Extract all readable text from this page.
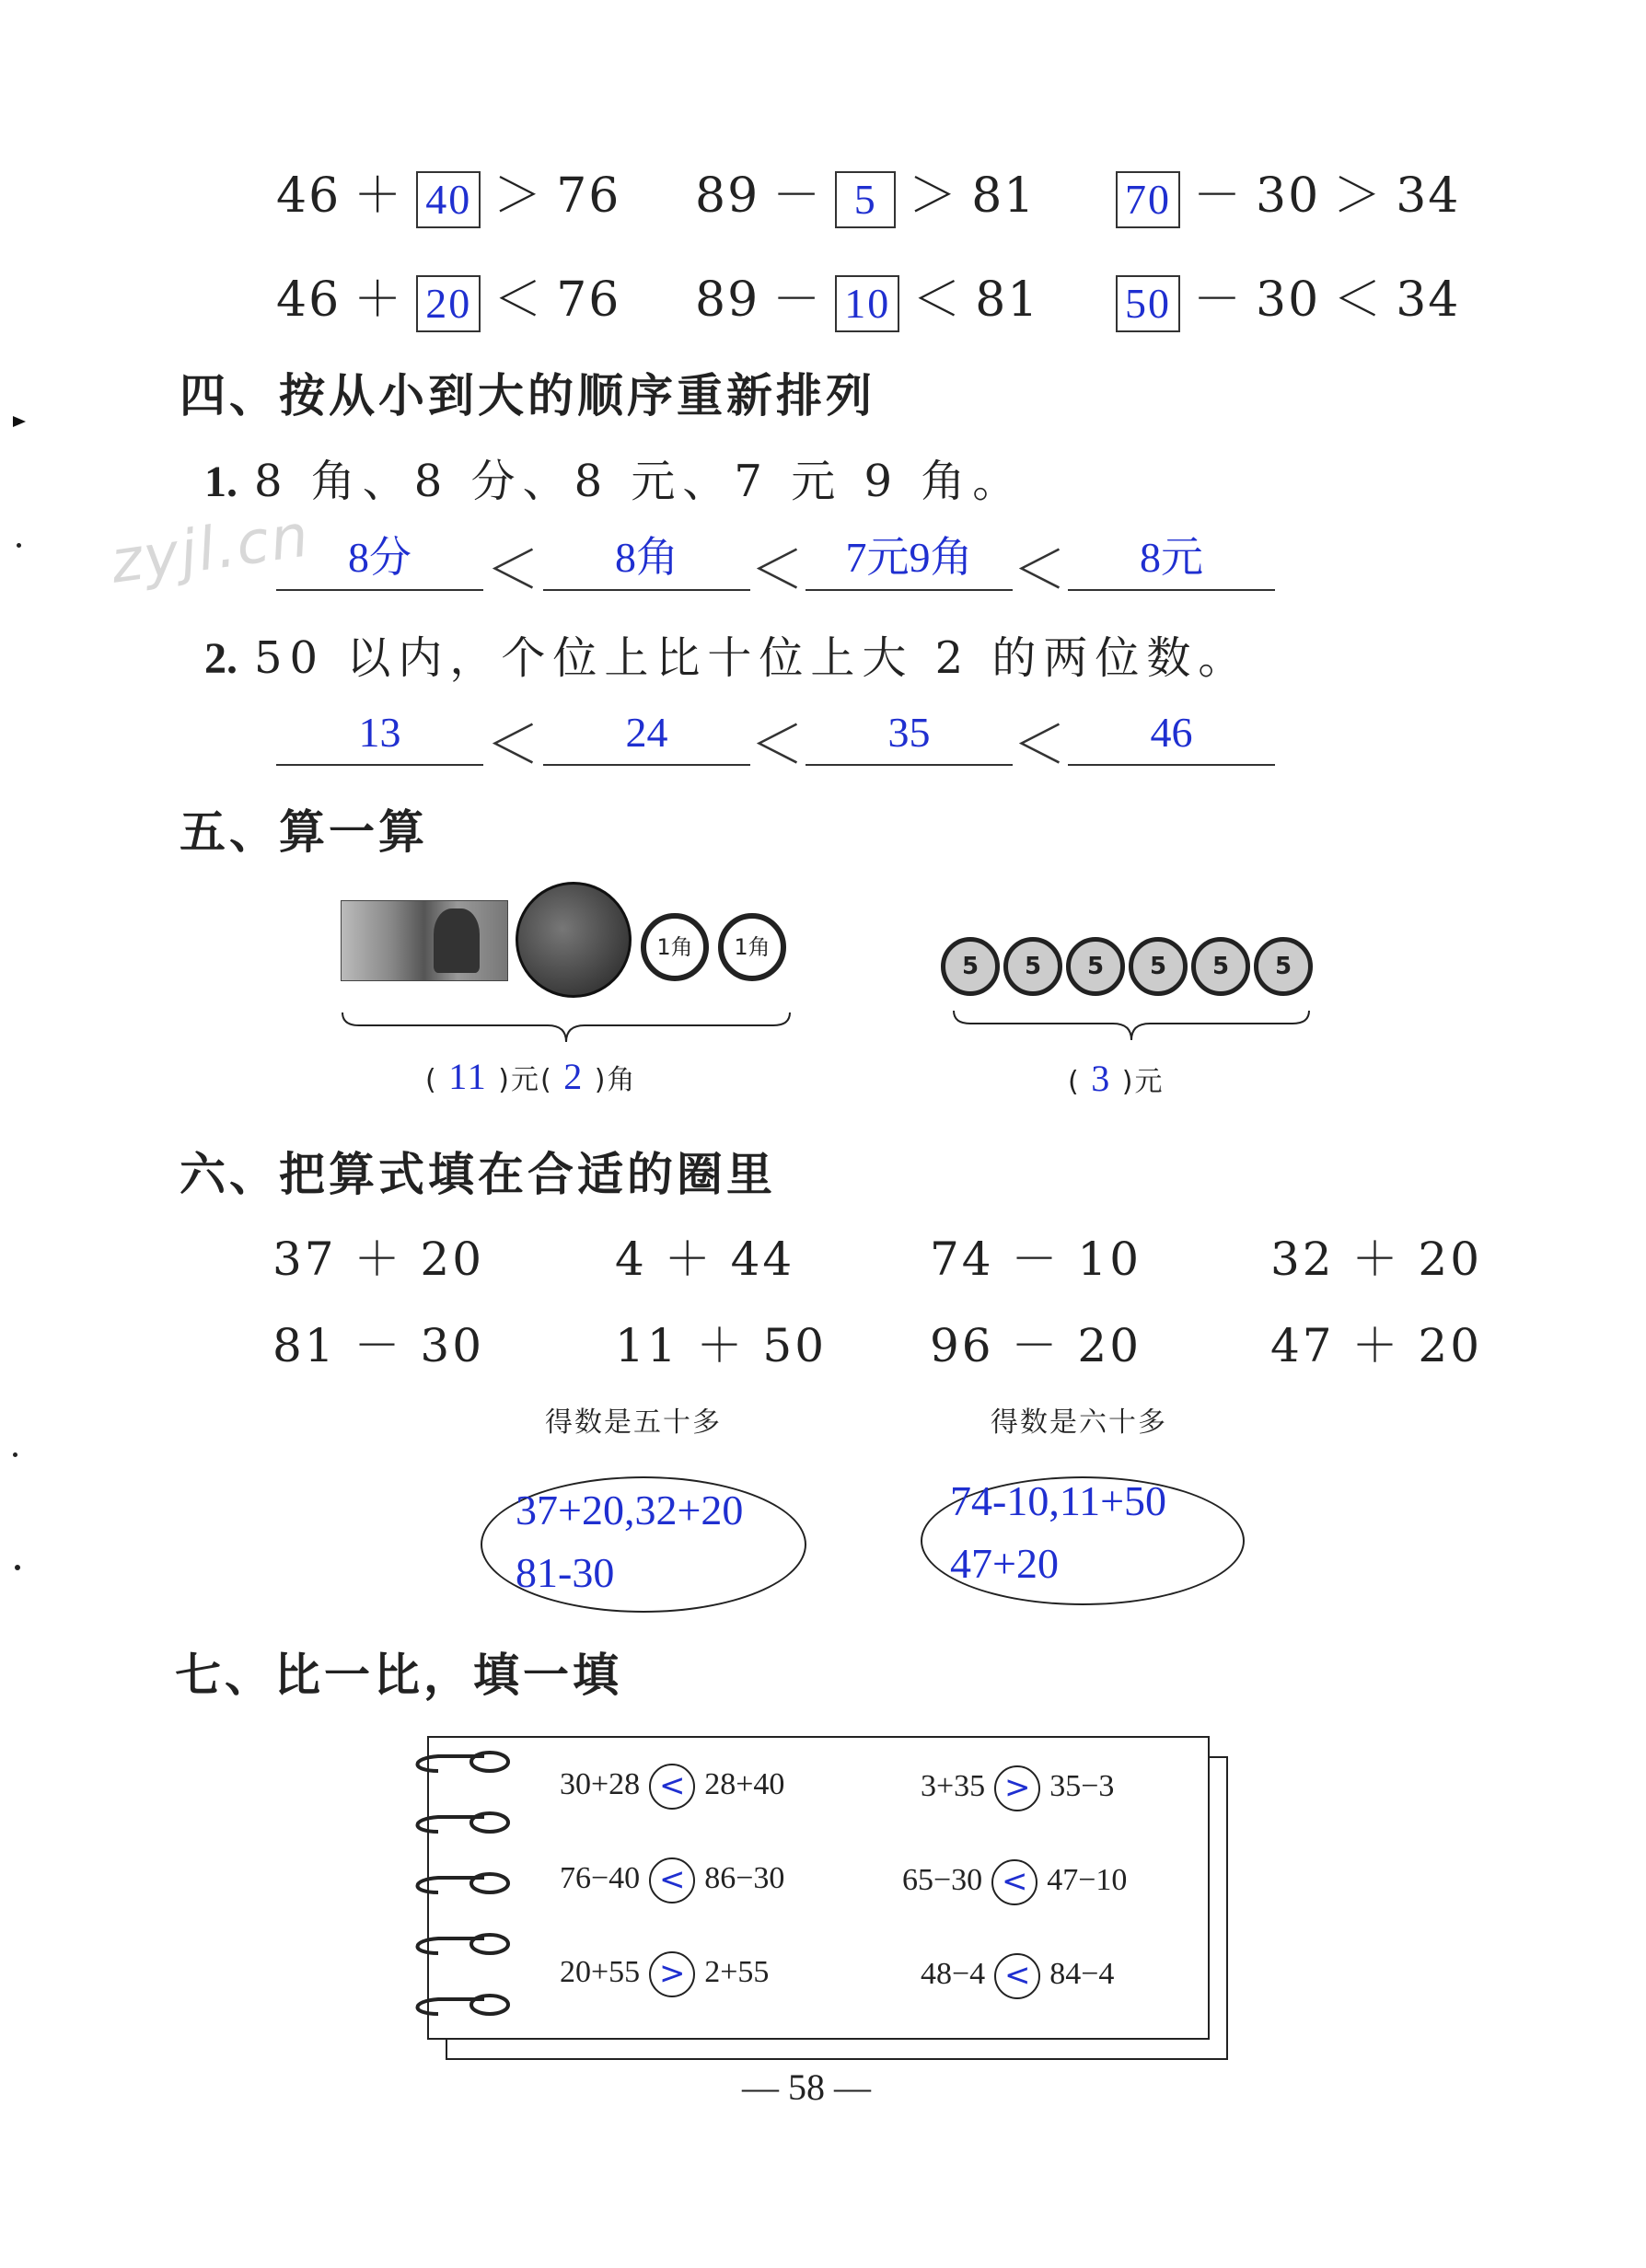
46 ＋ 40 ＞ 76 89 － 5 ＞ 81 70 － 30 ＞ 34
46 ＋ 20 ＜ 76 89 － 10 ＜ 81 50 － 30 ＜ 34
四、按从小到大的顺序重新排列
1. 8 角、8 分、8 元、7 元 9 角。
zyjl.cn 8分	＜	8角	＜ 7元9角 ＜	8元
2. 50 以内，个位上比十位上大 2 的两位数。
13	＜	24	＜	35	＜	46
五、算一算
1角	1角
( 11 )元( 2 )角
5	5	5	5	5	5
( 3 )元
六、把算式填在合适的圈里
37 ＋ 20	4 ＋ 44	74 － 10	32 ＋ 20
81 － 30	11 ＋ 50 96 － 20	47 ＋ 20
得数是五十多	得数是六十多
37+20,32+20
81-30
74-10,11+50
47+20
七、比一比，填一填
30+28 < 28+40	3+35 > 35−3
76−40 < 86−30	65−30 < 47−10
20+55 > 2+55	48−4 < 84−4
— 58 —
